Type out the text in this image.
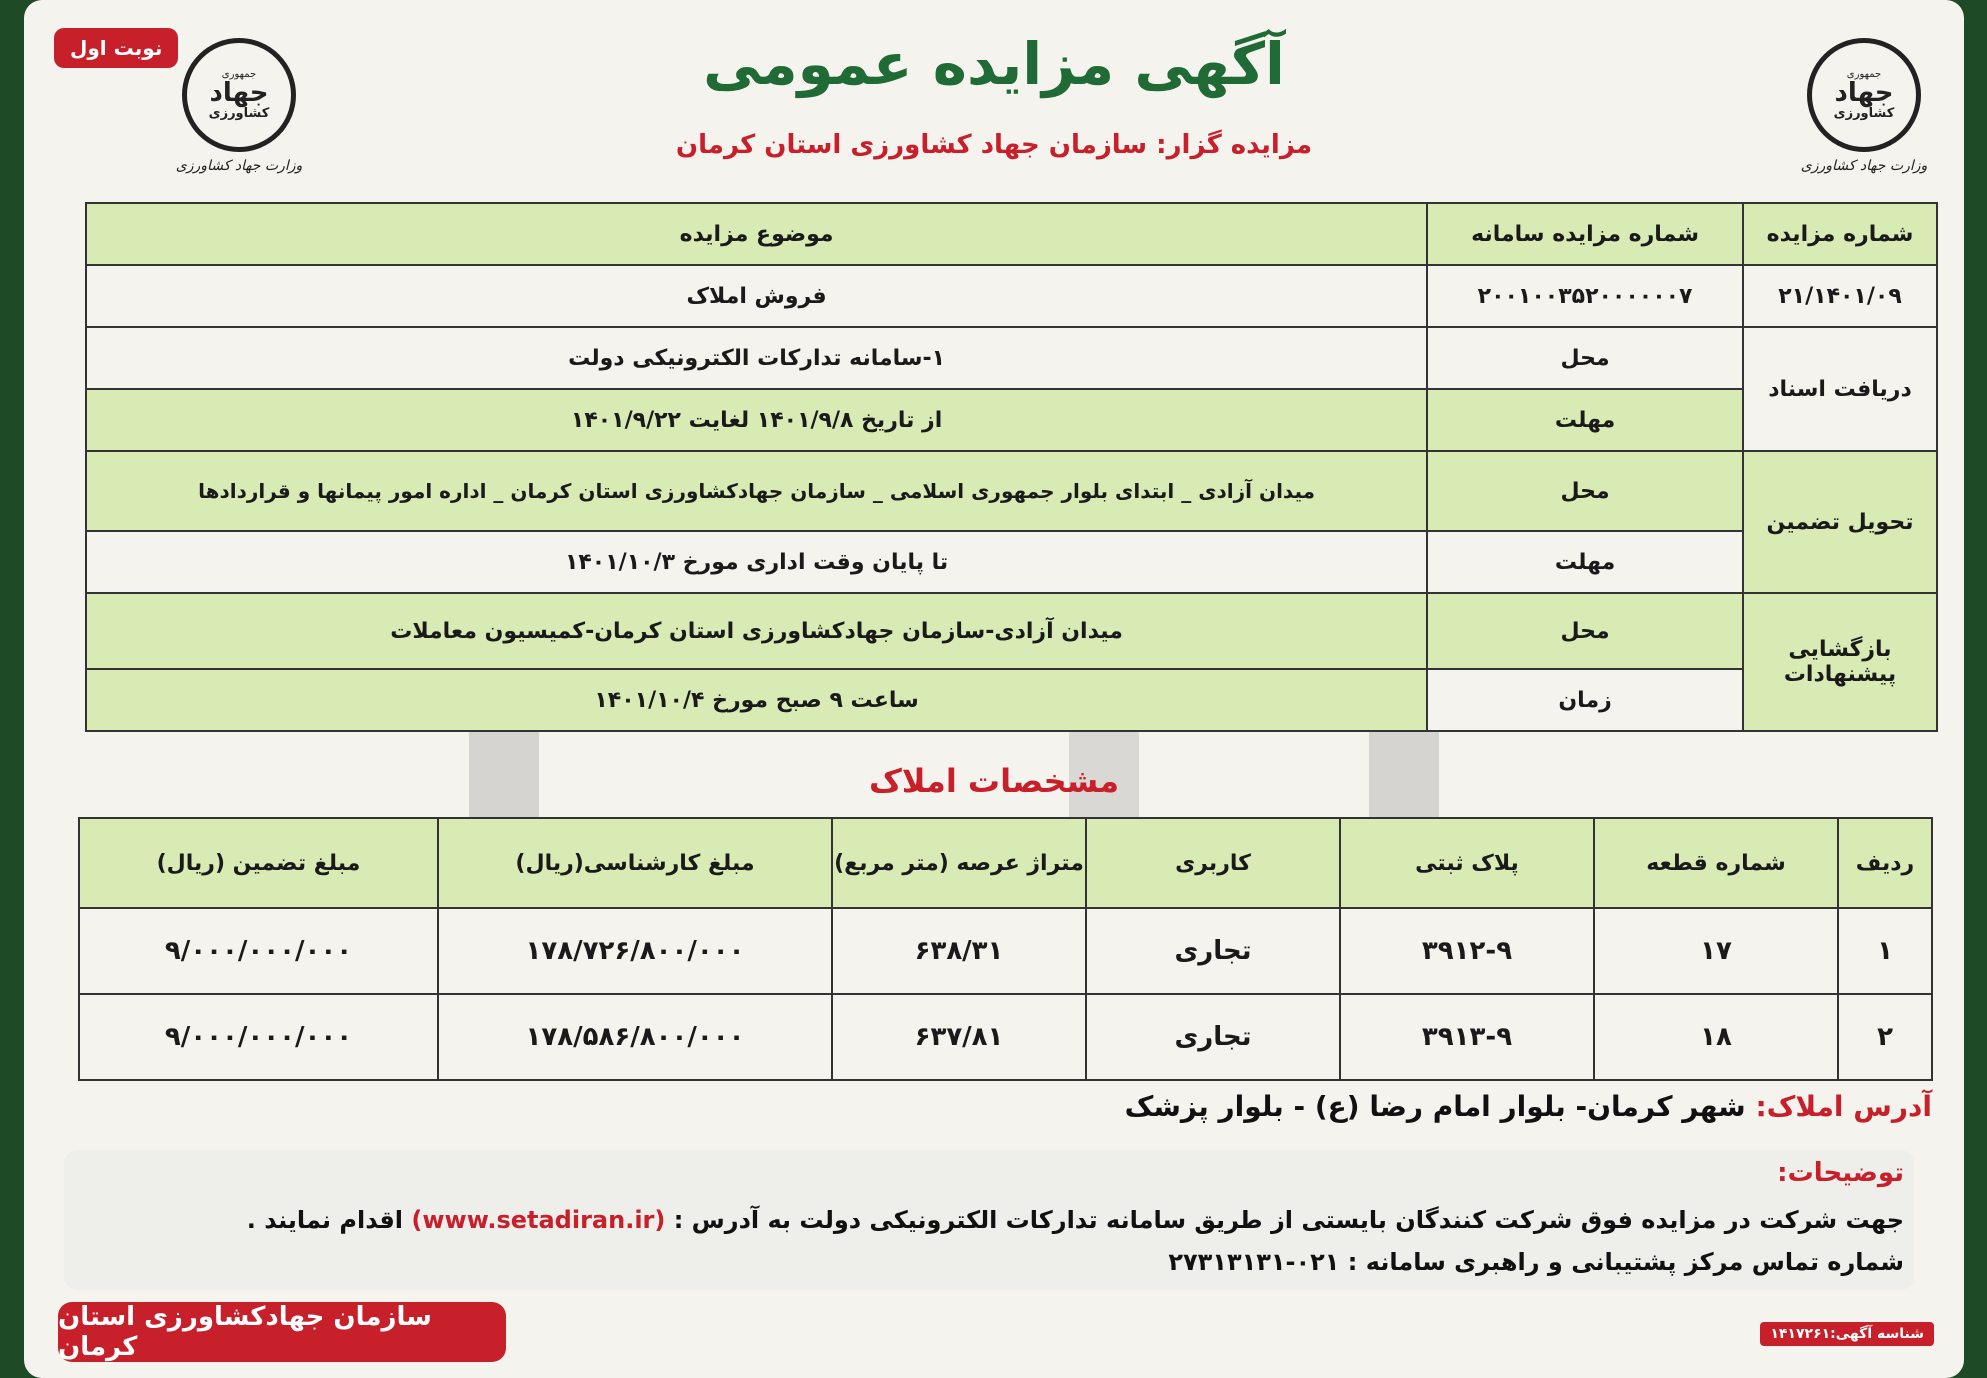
نوبت اول
جمهوری
جهاد
کشاورزی
وزارت جهاد کشاورزی
جمهوری
جهاد
کشاورزی
وزارت جهاد کشاورزی
آگهی مزایده عمومی
مزایده گزار: سازمان جهاد کشاورزی استان کرمان
شماره مزایده	شماره مزایده سامانه	موضوع مزایده
۲۱/۱۴۰۱/۰۹	۲۰۰۱۰۰۳۵۲۰۰۰۰۰۰۷	فروش املاک
دریافت اسناد	محل	۱-سامانه تدارکات الکترونیکی دولت
	مهلت	از تاریخ ۱۴۰۱/۹/۸ لغایت ۱۴۰۱/۹/۲۲
تحویل تضمین	محل	میدان آزادی _ ابتدای بلوار جمهوری اسلامی _ سازمان جهادکشاورزی استان کرمان _ اداره امور پیمانها و قراردادها
	مهلت	تا پایان وقت اداری مورخ ۱۴۰۱/۱۰/۳
بازگشایی پیشنهادات	محل	میدان آزادی-سازمان جهادکشاورزی استان کرمان-کمیسیون معاملات
	زمان	ساعت ۹ صبح مورخ ۱۴۰۱/۱۰/۴
مشخصات املاک
ردیف	شماره قطعه	پلاک ثبتی	کاربری	متراژ عرصه (متر مربع)	مبلغ کارشناسی(ریال)	مبلغ تضمین (ریال)
۱	۱۷	۳۹۱۲-۹	تجاری	۶۳۸/۳۱	۱۷۸/۷۲۶/۸۰۰/۰۰۰	۹/۰۰۰/۰۰۰/۰۰۰
۲	۱۸	۳۹۱۳-۹	تجاری	۶۳۷/۸۱	۱۷۸/۵۸۶/۸۰۰/۰۰۰	۹/۰۰۰/۰۰۰/۰۰۰
آدرس املاک: شهر کرمان- بلوار امام رضا (ع) - بلوار پزشک
توضیحات:
جهت شرکت در مزایده فوق شرکت کنندگان بایستی از طریق سامانه تدارکات الکترونیکی دولت به آدرس : (www.setadiran.ir) اقدام نمایند .
شماره تماس مرکز پشتیبانی و راهبری سامانه : ۰۲۱-۲۷۳۱۳۱۳۱
سازمان جهادکشاورزی استان کرمان	شناسه آگهی:۱۴۱۷۲۶۱
